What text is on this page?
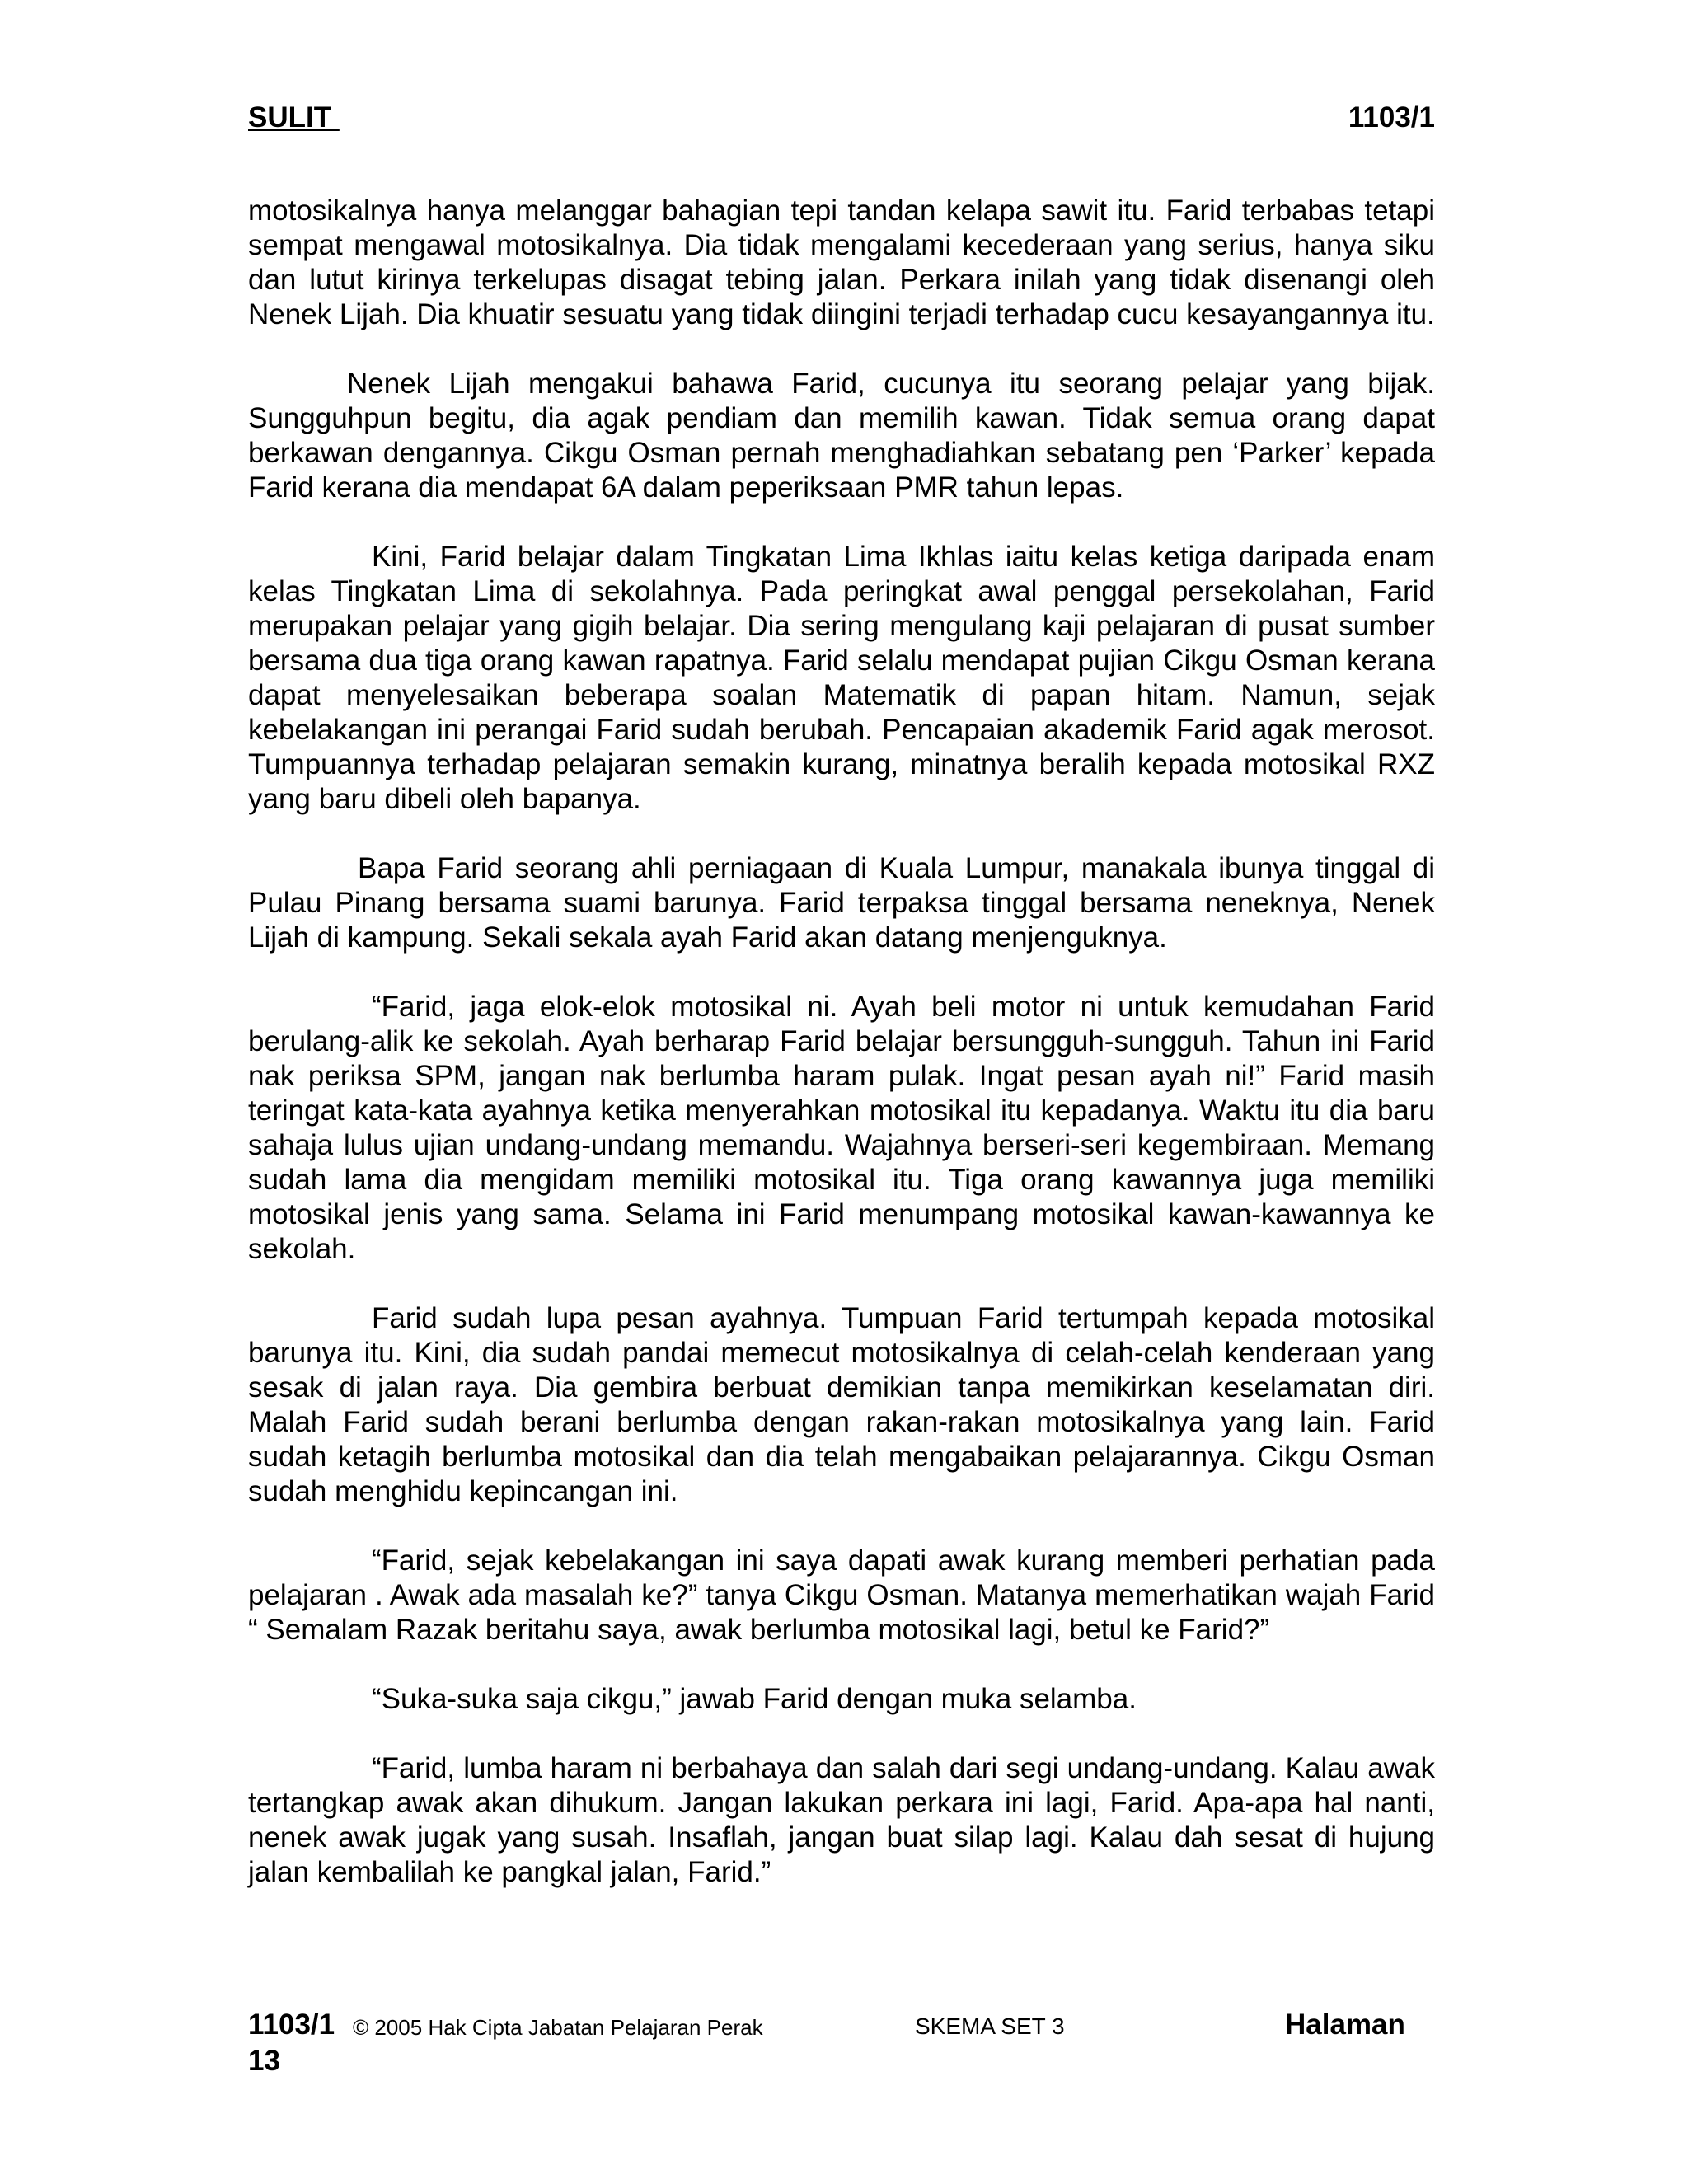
SULIT	1103/1

motosikalnya hanya melanggar bahagian tepi tandan kelapa sawit itu. Farid terbabas tetapi sempat mengawal motosikalnya. Dia tidak mengalami kecederaan yang serius, hanya siku dan lutut kirinya terkelupas disagat tebing jalan. Perkara inilah yang tidak disenangi oleh Nenek Lijah. Dia khuatir sesuatu yang tidak diingini terjadi terhadap cucu kesayangannya itu.

Nenek Lijah mengakui bahawa Farid, cucunya itu seorang pelajar yang bijak. Sungguhpun begitu, dia agak pendiam dan memilih kawan. Tidak semua orang dapat berkawan dengannya. Cikgu Osman pernah menghadiahkan sebatang pen ‘Parker’ kepada Farid kerana dia mendapat 6A dalam peperiksaan PMR tahun lepas.

Kini, Farid belajar dalam Tingkatan Lima Ikhlas iaitu kelas ketiga daripada enam kelas Tingkatan Lima di sekolahnya. Pada peringkat awal penggal persekolahan, Farid merupakan pelajar yang gigih belajar. Dia sering mengulang kaji pelajaran di pusat sumber bersama dua tiga orang kawan rapatnya. Farid selalu mendapat pujian Cikgu Osman kerana dapat menyelesaikan beberapa soalan Matematik di papan hitam. Namun, sejak kebelakangan ini perangai Farid sudah berubah. Pencapaian akademik Farid agak merosot. Tumpuannya terhadap pelajaran semakin kurang, minatnya beralih kepada motosikal RXZ yang baru dibeli oleh bapanya.

Bapa Farid seorang ahli perniagaan di Kuala Lumpur, manakala ibunya tinggal di Pulau Pinang bersama suami barunya. Farid terpaksa tinggal bersama neneknya, Nenek Lijah di kampung. Sekali sekala ayah Farid akan datang menjenguknya.

“Farid, jaga elok-elok motosikal ni. Ayah beli motor ni untuk kemudahan Farid berulang-alik ke sekolah. Ayah berharap Farid belajar bersungguh-sungguh. Tahun ini Farid nak periksa SPM, jangan nak berlumba haram pulak. Ingat pesan ayah ni!” Farid masih teringat kata-kata ayahnya ketika menyerahkan motosikal itu kepadanya. Waktu itu dia baru sahaja lulus ujian undang-undang memandu. Wajahnya berseri-seri kegembiraan. Memang sudah lama dia mengidam memiliki motosikal itu. Tiga orang kawannya juga memiliki motosikal jenis yang sama. Selama ini Farid menumpang motosikal kawan-kawannya ke sekolah.

Farid sudah lupa pesan ayahnya. Tumpuan Farid tertumpah kepada motosikal barunya itu. Kini, dia sudah pandai memecut motosikalnya di celah-celah kenderaan yang sesak di jalan raya. Dia gembira berbuat demikian tanpa memikirkan keselamatan diri. Malah Farid sudah berani berlumba dengan rakan-rakan motosikalnya yang lain. Farid sudah ketagih berlumba motosikal dan dia telah mengabaikan pelajarannya. Cikgu Osman sudah menghidu kepincangan ini.

“Farid, sejak kebelakangan ini saya dapati awak kurang memberi perhatian pada pelajaran . Awak ada masalah ke?” tanya Cikgu Osman. Matanya memerhatikan wajah Farid “ Semalam Razak beritahu saya, awak berlumba motosikal lagi, betul ke Farid?”

“Suka-suka saja cikgu,” jawab Farid dengan muka selamba.

“Farid, lumba haram ni berbahaya dan salah dari segi undang-undang. Kalau awak tertangkap awak akan dihukum. Jangan lakukan perkara ini lagi, Farid. Apa-apa hal nanti, nenek awak jugak yang susah. Insaflah, jangan buat silap lagi. Kalau dah sesat di hujung jalan kembalilah ke pangkal jalan, Farid.”

1103/1 © 2005 Hak Cipta Jabatan Pelajaran Perak	SKEMA SET 3	Halaman
13
